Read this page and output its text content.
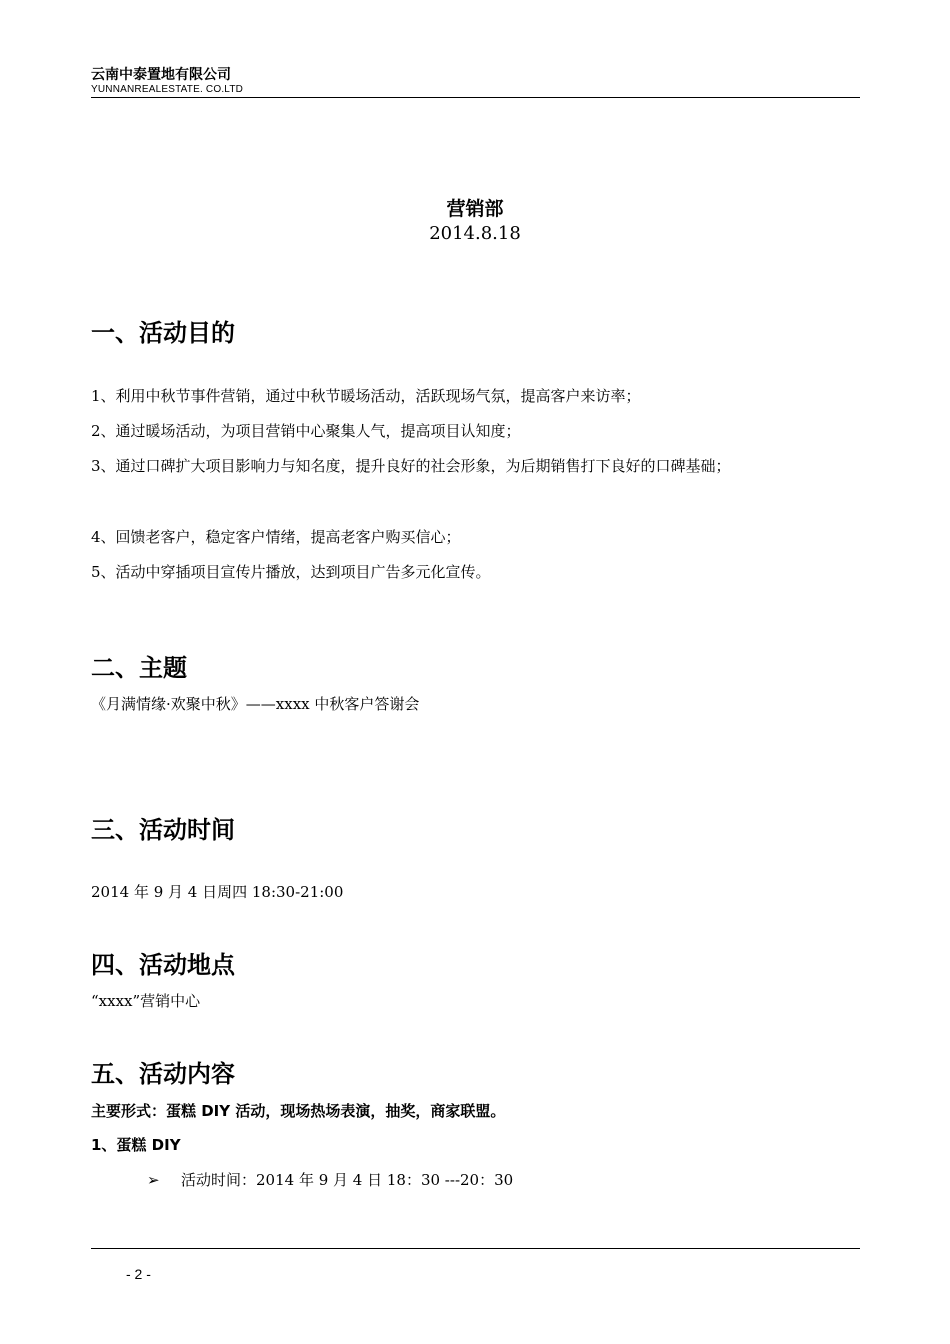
云南中泰置地有限公司
YUNNANREALESTATE. CO.LTD
营销部
2014.8.18
一、活动目的
1、利用中秋节事件营销，通过中秋节暖场活动，活跃现场气氛，提高客户来访率；
2、通过暖场活动，为项目营销中心聚集人气，提高项目认知度；
3、通过口碑扩大项目影响力与知名度，提升良好的社会形象，为后期销售打下良好的口碑基础；
4、回馈老客户，稳定客户情绪，提高老客户购买信心；
5、活动中穿插项目宣传片播放，达到项目广告多元化宣传。
二、主题
《月满情缘·欢聚中秋》——xxxx 中秋客户答谢会
三、活动时间
2014 年 9 月 4 日周四 18:30-21:00
四、活动地点
“xxxx”营销中心
五、活动内容
主要形式：蛋糕 DIY 活动，现场热场表演，抽奖，商家联盟。
1、蛋糕 DIY
➢ 活动时间：2014 年 9 月 4 日 18：30 ---20：30
- 2 -
